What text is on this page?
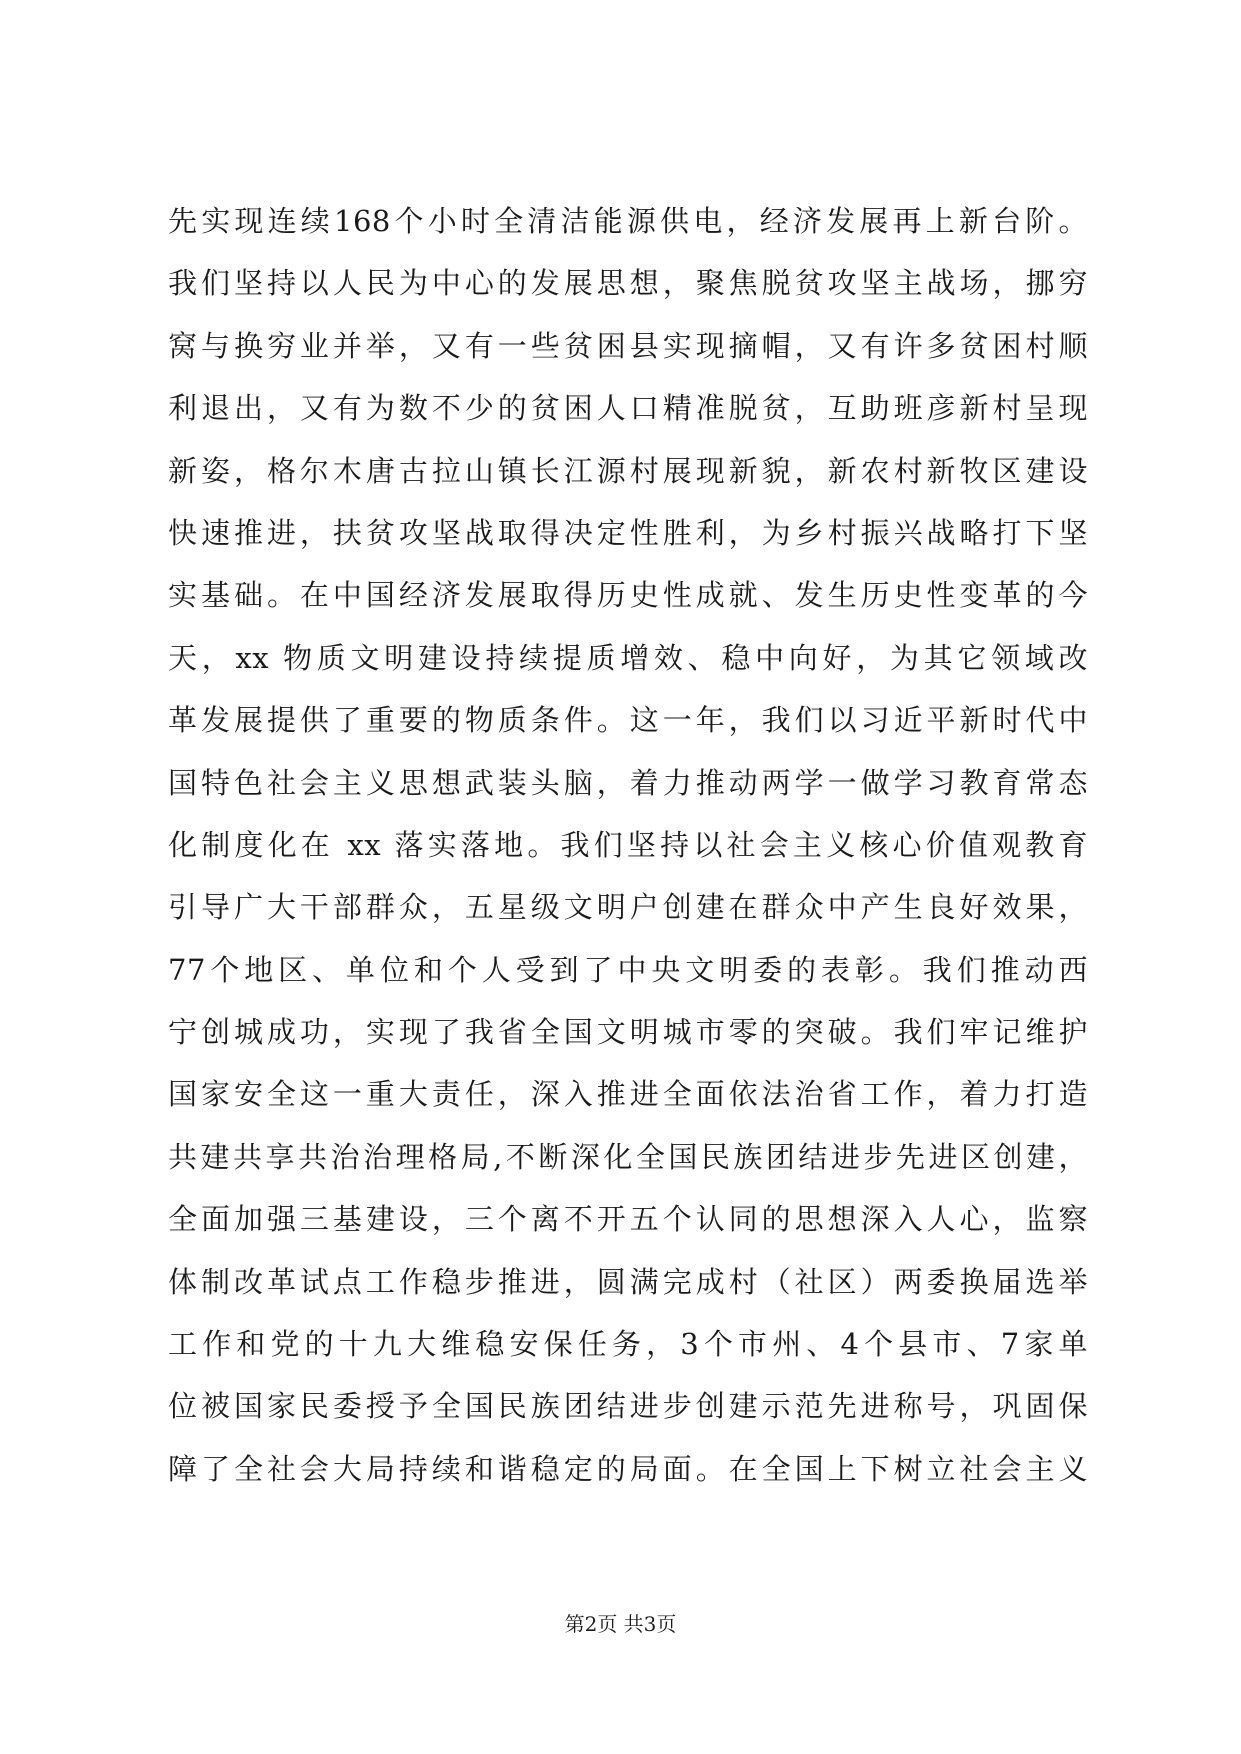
先实现连续168个小时全清洁能源供电，经济发展再上新台阶。
我们坚持以人民为中心的发展思想，聚焦脱贫攻坚主战场，挪穷
窝与换穷业并举，又有一些贫困县实现摘帽，又有许多贫困村顺
利退出，又有为数不少的贫困人口精准脱贫，互助班彦新村呈现
新姿，格尔木唐古拉山镇长江源村展现新貌，新农村新牧区建设
快速推进，扶贫攻坚战取得决定性胜利，为乡村振兴战略打下坚
实基础。在中国经济发展取得历史性成就、发生历史性变革的今
天，xx 物质文明建设持续提质增效、稳中向好，为其它领域改
革发展提供了重要的物质条件。这一年，我们以习近平新时代中
国特色社会主义思想武装头脑，着力推动两学一做学习教育常态
化制度化在 xx 落实落地。我们坚持以社会主义核心价值观教育
引导广大干部群众，五星级文明户创建在群众中产生良好效果，
77个地区、单位和个人受到了中央文明委的表彰。我们推动西
宁创城成功，实现了我省全国文明城市零的突破。我们牢记维护
国家安全这一重大责任，深入推进全面依法治省工作，着力打造
共建共享共治治理格局,不断深化全国民族团结进步先进区创建，
全面加强三基建设，三个离不开五个认同的思想深入人心，监察
体制改革试点工作稳步推进，圆满完成村（社区）两委换届选举
工作和党的十九大维稳安保任务，3个市州、4个县市、7家单
位被国家民委授予全国民族团结进步创建示范先进称号，巩固保
障了全社会大局持续和谐稳定的局面。在全国上下树立社会主义
第2页 共3页
